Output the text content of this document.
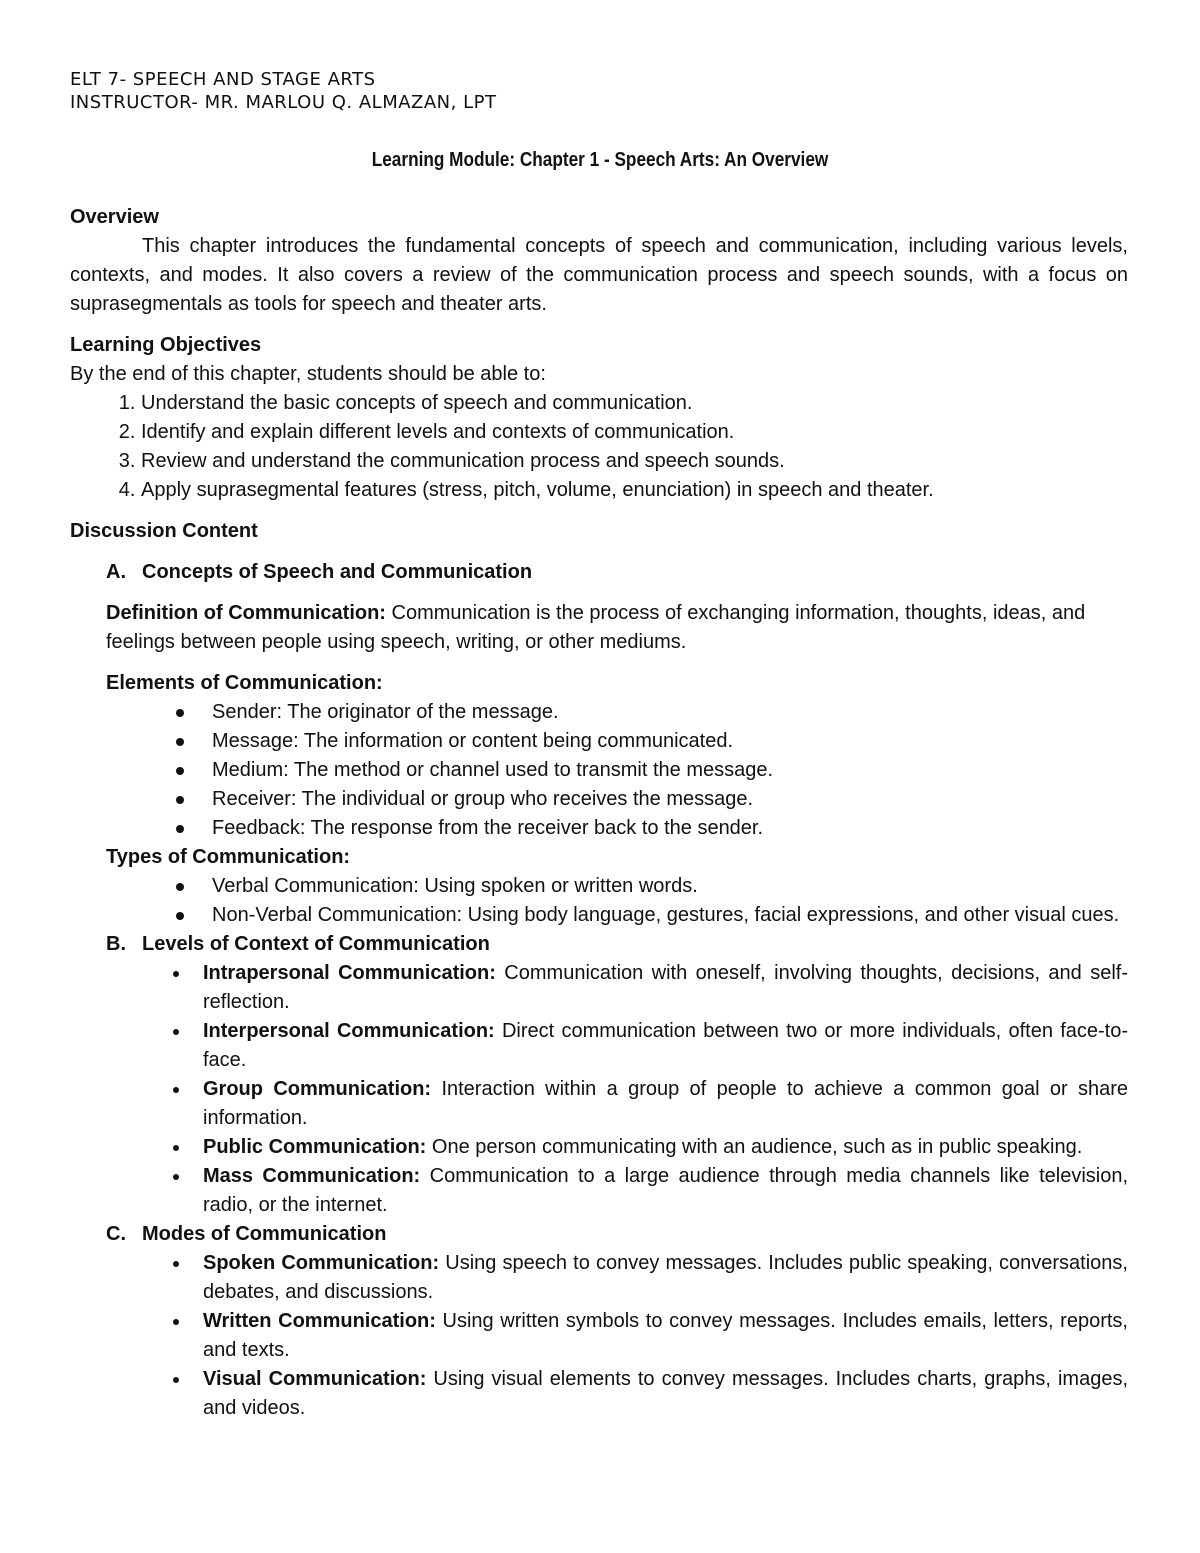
ELT 7- SPEECH AND STAGE ARTS
INSTRUCTOR- MR. MARLOU Q. ALMAZAN, LPT
Learning Module: Chapter 1 - Speech Arts: An Overview
Overview

This chapter introduces the fundamental concepts of speech and communication, including various levels, contexts, and modes. It also covers a review of the communication process and speech sounds, with a focus on suprasegmentals as tools for speech and theater arts.

Learning Objectives

By the end of this chapter, students should be able to:

1. Understand the basic concepts of speech and communication.
2. Identify and explain different levels and contexts of communication.
3. Review and understand the communication process and speech sounds.
4. Apply suprasegmental features (stress, pitch, volume, enunciation) in speech and theater.
Discussion Content
A. Concepts of Speech and Communication

Definition of Communication: Communication is the process of exchanging information, thoughts, ideas, and feelings between people using speech, writing, or other mediums.

Elements of Communication:

Sender: The originator of the message.
Message: The information or content being communicated.
Medium: The method or channel used to transmit the message.
Receiver: The individual or group who receives the message.
Feedback: The response from the receiver back to the sender.

Types of Communication:

Verbal Communication: Using spoken or written words.
Non-Verbal Communication: Using body language, gestures, facial expressions, and other visual cues.
B. Levels of Context of Communication
Intrapersonal Communication: Communication with oneself, involving thoughts, decisions, and self-reflection.
Interpersonal Communication: Direct communication between two or more individuals, often face-to-face.
Group Communication: Interaction within a group of people to achieve a common goal or share information.
Public Communication: One person communicating with an audience, such as in public speaking.
Mass Communication: Communication to a large audience through media channels like television, radio, or the internet.
C. Modes of Communication
Spoken Communication: Using speech to convey messages. Includes public speaking, conversations, debates, and discussions.
Written Communication: Using written symbols to convey messages. Includes emails, letters, reports, and texts.
Visual Communication: Using visual elements to convey messages. Includes charts, graphs, images, and videos.
